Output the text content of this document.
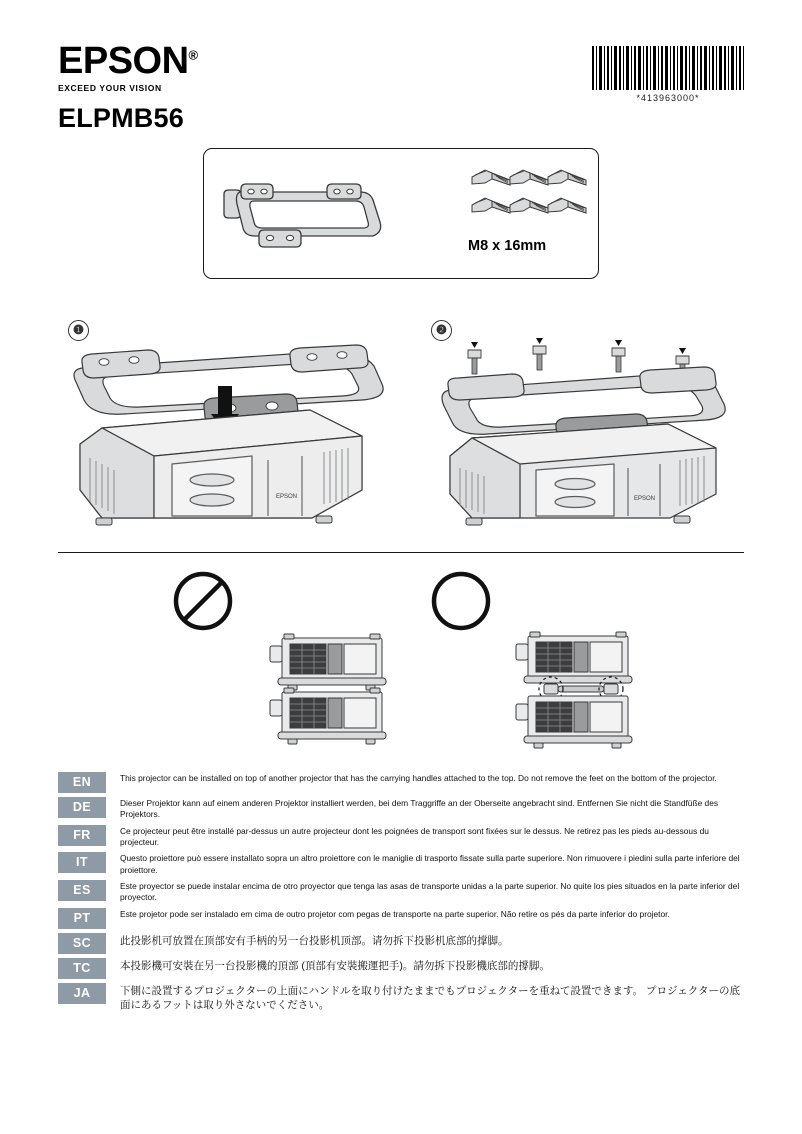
EPSON®
EXCEED YOUR VISION
ELPMB56
*413963000*
M8 x 16mm
❶
EPSON
❷
EPSON
EN	This projector can be installed on top of another projector that has the carrying handles attached to the top. Do not remove the feet on the bottom of the projector.
DE	Dieser Projektor kann auf einem anderen Projektor installiert werden, bei dem Traggriffe an der Oberseite angebracht sind. Entfernen Sie nicht die Standfüße des Projektors.
FR	Ce projecteur peut être installé par-dessus un autre projecteur dont les poignées de transport sont fixées sur le dessus. Ne retirez pas les pieds au-dessous du projecteur.
IT	Questo proiettore può essere installato sopra un altro proiettore con le maniglie di trasporto fissate sulla parte superiore. Non rimuovere i piedini sulla parte inferiore del proiettore.
ES	Este proyector se puede instalar encima de otro proyector que tenga las asas de transporte unidas a la parte superior. No quite los pies situados en la parte inferior del proyector.
PT	Este projetor pode ser instalado em cima de outro projetor com pegas de transporte na parte superior. Não retire os pés da parte inferior do projetor.
SC	此投影机可放置在顶部安有手柄的另一台投影机顶部。请勿拆下投影机底部的撑脚。
TC	本投影機可安裝在另一台投影機的頂部 (頂部有安裝搬運把手)。請勿拆下投影機底部的撐脚。
JA	下側に設置するプロジェクターの上面にハンドルを取り付けたままでもプロジェクターを重ねて設置できます。 プロジェクターの底面にあるフットは取り外さないでください。
